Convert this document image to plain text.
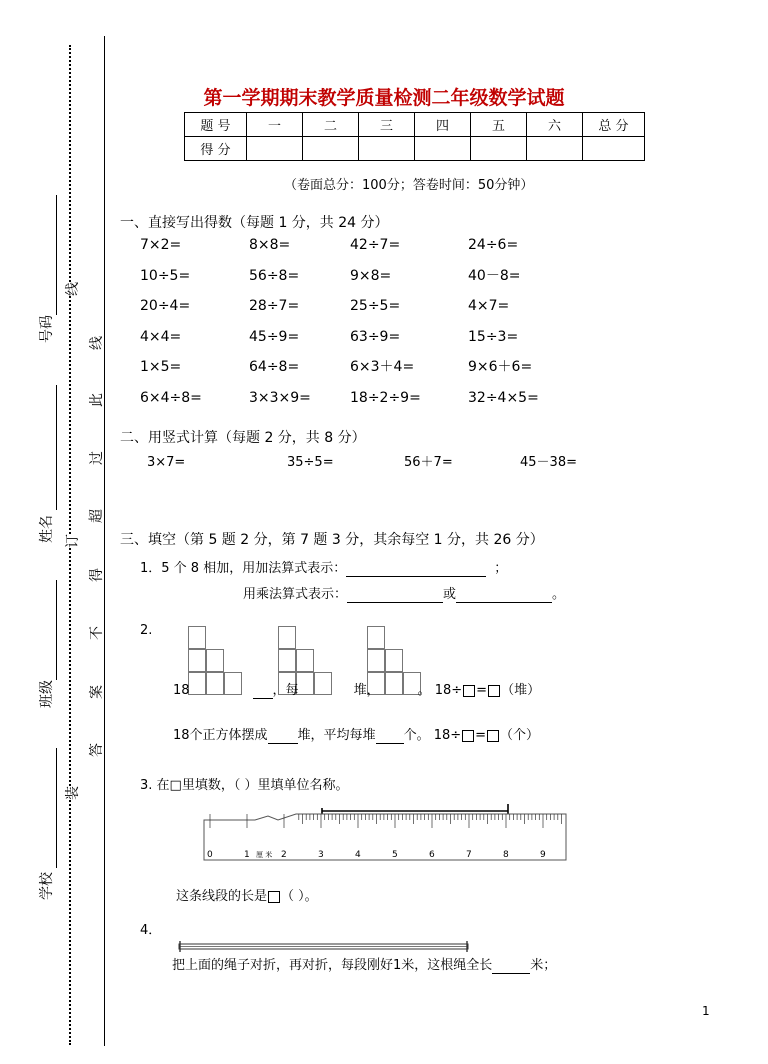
号码
姓名
班级
学校
线
订
装
线
此
过
超
得
不
案
答
第一学期期末教学质量检测二年级数学试题
题 号	一	二	三	四	五	六	总 分
得 分							
（卷面总分：100分；答卷时间：50分钟）
一、直接写出得数（每题 1 分，共 24 分）
7×2=	8×8=	42÷7=	24÷6=
10÷5=	56÷8=	9×8=	40－8=
20÷4=	28÷7=	25÷5=	4×7=
4×4=	45÷9=	63÷9=	15÷3=
1×5=	64÷8=	6×3＋4=	9×6＋6=
6×4÷8=	3×3×9=	18÷2÷9=	32÷4×5=
二、用竖式计算（每题 2 分，共 8 分）
3×7=	35÷5=	56＋7=	45－38=
三、填空（第 5 题 2 分，第 7 题 3 分，其余每空 1 分，共 26 分）
1．5 个 8 相加，用加法算式表示：	；
用乘法算式表示：	或	。
2.
18	，每	堆，	。 18÷ = （堆）
18个正方体摆成 堆，平均每堆 个。 18÷ = （个）
3. 在□里填数，（ ）里填单位名称。
0	1	2	3	4	5	6	7	8	9
厘 米
这条线段的长是 （ ）。
4．
把上面的绳子对折，再对折，每段刚好1米，这根绳全长	米；
1
